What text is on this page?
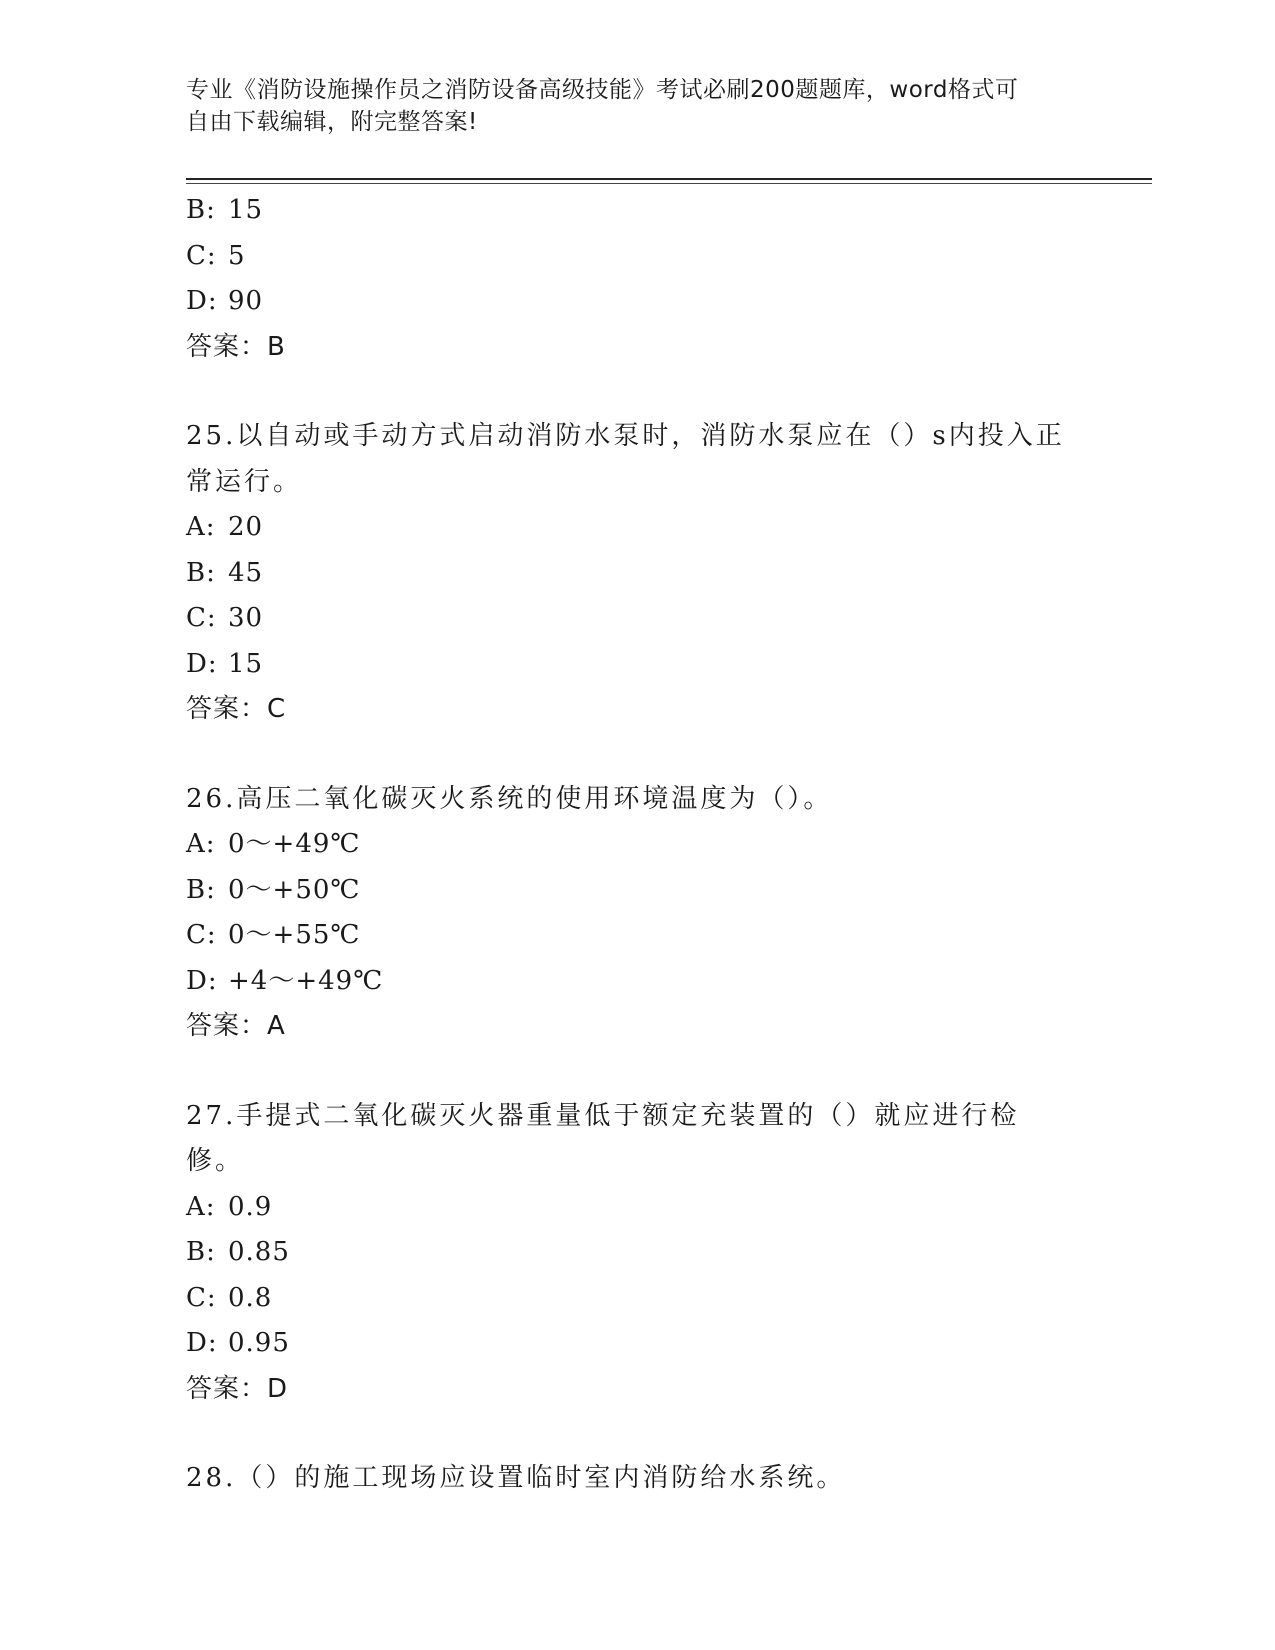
专业《消防设施操作员之消防设备高级技能》考试必刷200题题库，word格式可
自由下载编辑，附完整答案!
B: 15
C: 5
D: 90
答案：B
25.以自动或手动方式启动消防水泵时，消防水泵应在（）s内投入正
常运行。
A: 20
B: 45
C: 30
D: 15
答案：C
26.高压二氧化碳灭火系统的使用环境温度为（）。
A: 0～+49℃
B: 0～+50℃
C: 0～+55℃
D: +4～+49℃
答案：A
27.手提式二氧化碳灭火器重量低于额定充装置的（）就应进行检修。
A: 0.9
B: 0.85
C: 0.8
D: 0.95
答案：D
28.（）的施工现场应设置临时室内消防给水系统。
